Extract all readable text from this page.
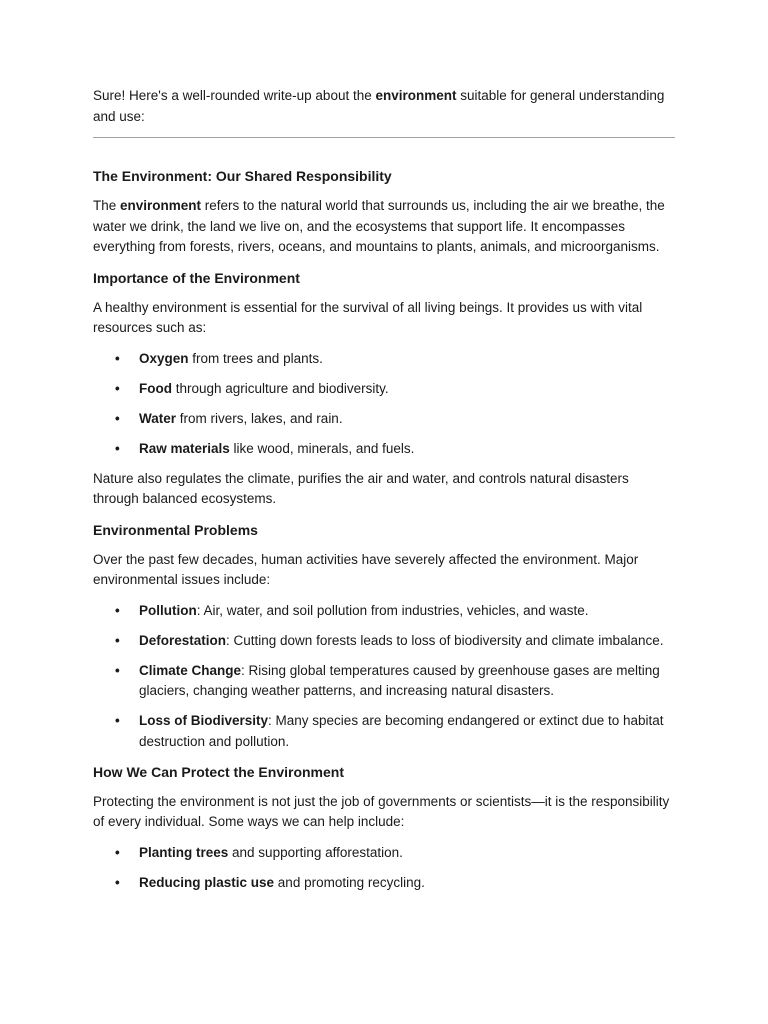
Sure! Here's a well-rounded write-up about the environment suitable for general understanding and use:

The Environment: Our Shared Responsibility

The environment refers to the natural world that surrounds us, including the air we breathe, the water we drink, the land we live on, and the ecosystems that support life. It encompasses everything from forests, rivers, oceans, and mountains to plants, animals, and microorganisms.

Importance of the Environment

A healthy environment is essential for the survival of all living beings. It provides us with vital resources such as:

• Oxygen from trees and plants.
• Food through agriculture and biodiversity.
• Water from rivers, lakes, and rain.
• Raw materials like wood, minerals, and fuels.

Nature also regulates the climate, purifies the air and water, and controls natural disasters through balanced ecosystems.

Environmental Problems

Over the past few decades, human activities have severely affected the environment. Major environmental issues include:

• Pollution: Air, water, and soil pollution from industries, vehicles, and waste.
• Deforestation: Cutting down forests leads to loss of biodiversity and climate imbalance.
• Climate Change: Rising global temperatures caused by greenhouse gases are melting glaciers, changing weather patterns, and increasing natural disasters.
• Loss of Biodiversity: Many species are becoming endangered or extinct due to habitat destruction and pollution.
How We Can Protect the Environment

Protecting the environment is not just the job of governments or scientists—it is the responsibility of every individual. Some ways we can help include:

• Planting trees and supporting afforestation.
• Reducing plastic use and promoting recycling.
